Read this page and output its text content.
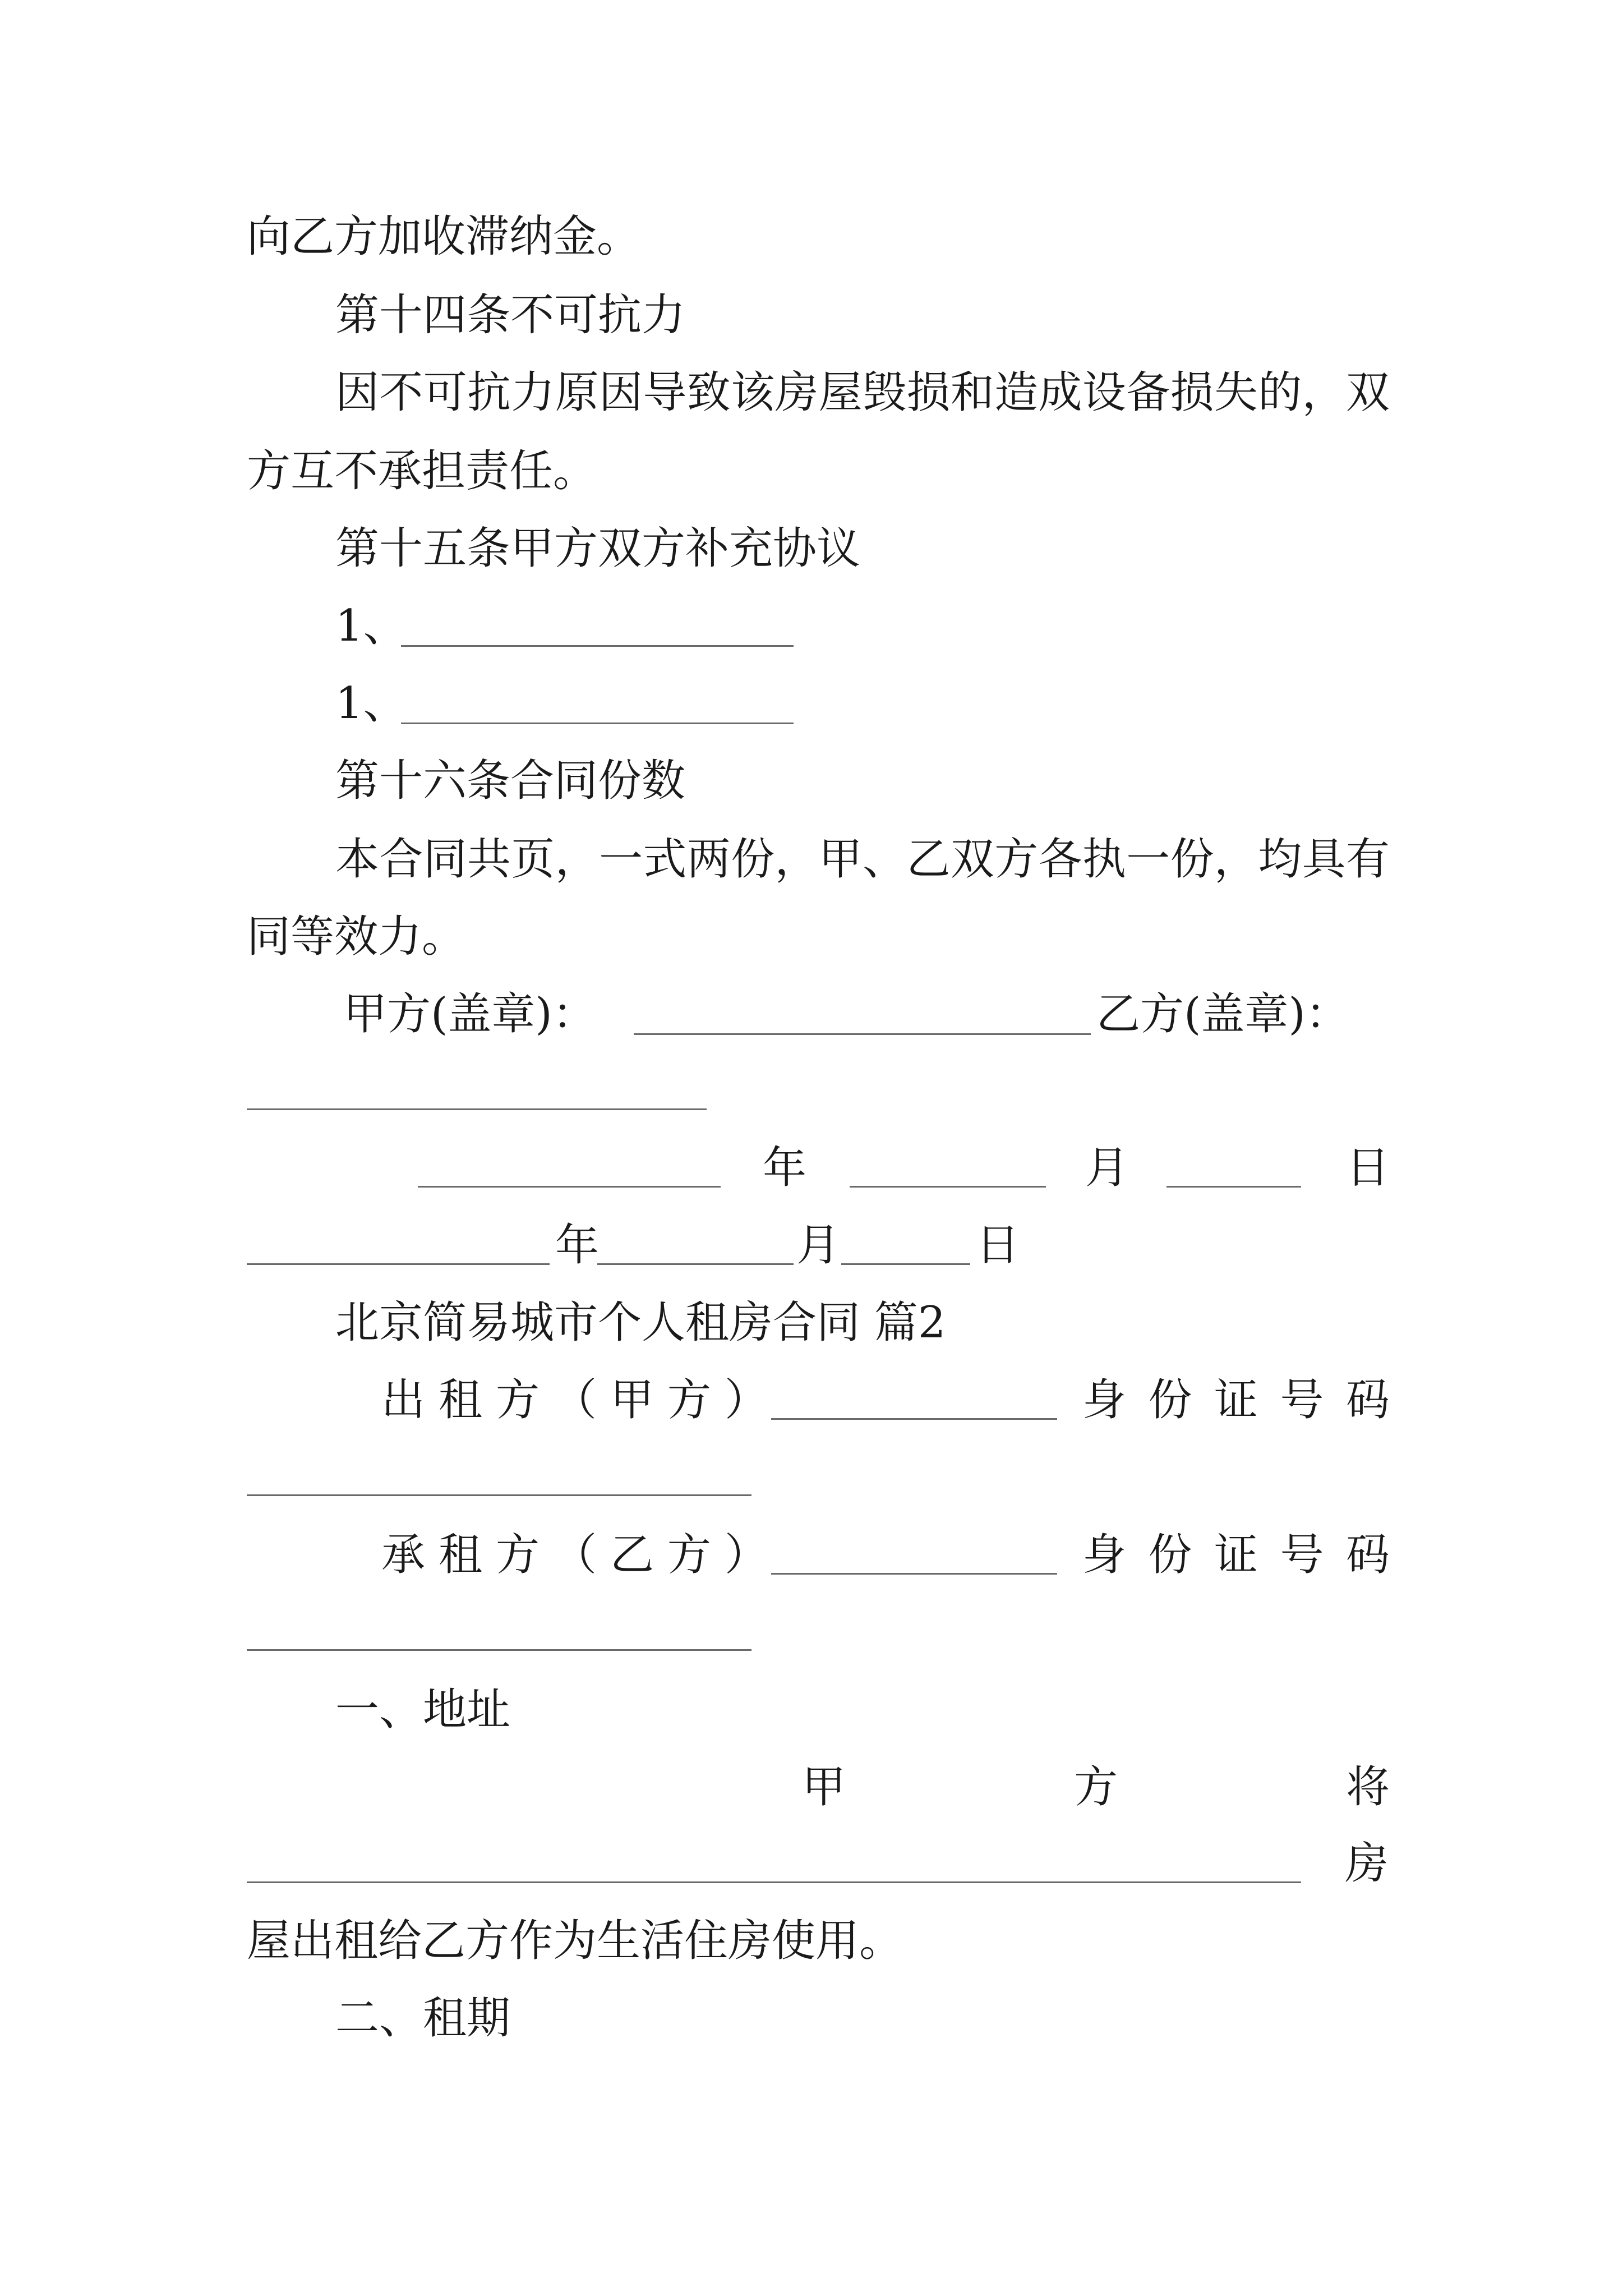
向乙方加收滞纳金。
第十四条不可抗力
因 不 可 抗 力 原 因 导 致 该 房 屋 毁 损 和 造 成 设 备 损 失 的 ， 双
方互不承担责任。
第十五条甲方双方补充协议
1、
1、
第十六条合同份数
本 合 同 共 页 ， 一 式 两 份 ， 甲 、 乙 双 方 各 执 一 份 ， 均 具 有
同等效力。
甲方(盖章)：	乙方(盖章)：
年	月	日
年	月	日
北京简易城市个人租房合同 篇2
出 租 方 （ 甲 方 ）	身 份 证 号 码
承 租 方 （ 乙 方 ）	身 份 证 号 码
一、地址
甲	方	将
房
屋出租给乙方作为生活住房使用。
二、租期
